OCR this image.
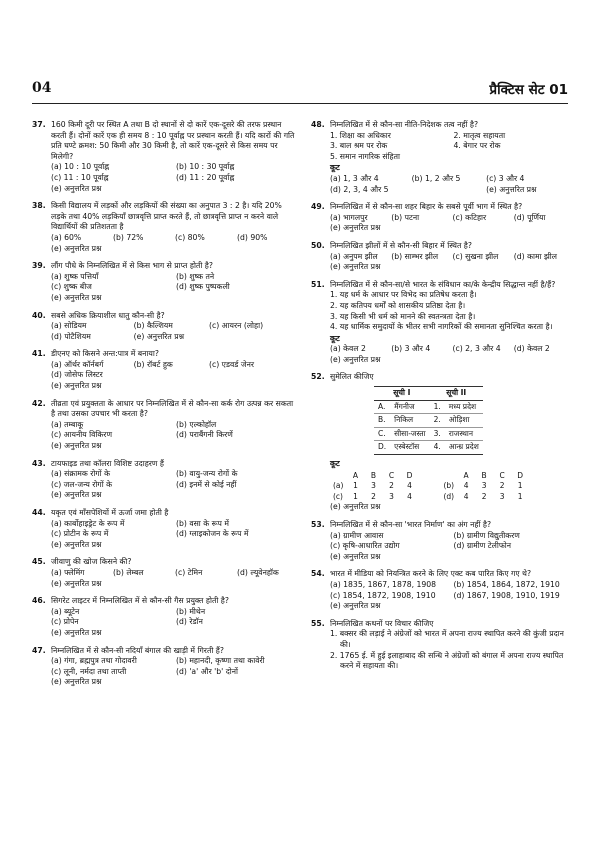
04	प्रैक्टिस सेट 01
37. 160 किमी दूरी पर स्थित A तथा B दो स्थानों से दो कारें एक-दूसरे की तरफ प्रस्थान करती हैं। दोनों कारें एक ही समय 8 : 10 पूर्वाह्न पर प्रस्थान करती हैं। यदि कारों की गति प्रति घण्टे क्रमश: 50 किमी और 30 किमी है, तो कारें एक-दूसरे से किस समय पर मिलेगी?
(a) 10 : 10 पूर्वाह्न	(b) 10 : 30 पूर्वाह्न
(c) 11 : 10 पूर्वाह्न	(d) 11 : 20 पूर्वाह्न
(e) अनुत्तरित प्रश्न
38. किसी विद्यालय में लड़कों और लड़कियों की संख्या का अनुपात 3 : 2 है। यदि 20% लड़के तथा 40% लड़कियाँ छात्रवृत्ति प्राप्त करते हैं, तो छात्रवृत्ति प्राप्त न करने वाले विद्यार्थियों की प्रतिशतता है
(a) 60%	(b) 72%	(c) 80%	(d) 90%
(e) अनुत्तरित प्रश्न
39. लौंग पौधे के निम्नलिखित में से किस भाग से प्राप्त होती है?
(a) शुष्क पत्तियाँ	(b) शुष्क तने
(c) शुष्क बीज	(d) शुष्क पुष्पकली
(e) अनुत्तरित प्रश्न
40. सबसे अधिक क्रियाशील धातु कौन-सी है?
(a) सोडियम	(b) कैल्शियम	(c) आयरन (लोहा)
(d) पोटैशियम	(e) अनुत्तरित प्रश्न
41. डीएनए को किसने अन्त:पात्र में बनाया?
(a) ऑर्थर कॉर्नबर्ग	(b) रॉबर्ट हुक	(c) एडवर्ड जेनर
(d) जोसेफ लिस्टर
(e) अनुत्तरित प्रश्न
42. तीव्रता एवं प्रयुक्तता के आधार पर निम्नलिखित में से कौन-सा कर्क रोग उत्पन्न कर सकता है तथा उसका उपचार भी करता है?
(a) तम्बाकू	(b) एल्कोहॉल
(c) आयनीय विकिरण	(d) पराबैंगनी किरणें
(e) अनुत्तरित प्रश्न
43. टायफाइड तथा कॉलरा विशिष्ट उदाहरण हैं
(a) संक्रामक रोगों के	(b) वायु-जन्य रोगों के
(c) जल-जन्य रोगों के	(d) इनमें से कोई नहीं
(e) अनुत्तरित प्रश्न
44. यकृत एवं माँसपेशियों में ऊर्जा जमा होती है
(a) कार्बोहाइड्रेट के रूप में	(b) वसा के रूप में
(c) प्रोटीन के रूप में	(d) ग्लाइकोजन के रूप में
(e) अनुत्तरित प्रश्न
45. जीवाणु की खोज किसने की?
(a) फ्लेमिंग	(b) लेम्बल	(c) टेमिन	(d) ल्यूवेनहॉक
(e) अनुत्तरित प्रश्न
46. सिगरेट लाइटर में निम्नलिखित में से कौन-सी गैस प्रयुक्त होती है?
(a) ब्यूटेन	(b) मीथेन
(c) प्रोपेन	(d) रेडॉन
(e) अनुत्तरित प्रश्न
47. निम्नलिखित में से कौन-सी नदियाँ बंगाल की खाड़ी में गिरती हैं?
(a) गंगा, ब्रह्मपुत्र तथा गोदावरी	(b) महानदी, कृष्णा तथा कावेरी
(c) लूनी, नर्मदा तथा ताप्ती	(d) 'a' और 'b' दोनों
(e) अनुत्तरित प्रश्न
48. निम्नलिखित में से कौन-सा नीति-निदेशक तत्व नहीं है?
1. शिक्षा का अधिकार	2. मातृत्व सहायता
3. बाल श्रम पर रोक	4. बेगार पर रोक
5. समान नागरिक संहिता
कूट
(a) 1, 3 और 4	(b) 1, 2 और 5	(c) 3 और 4
(d) 2, 3, 4 और 5	(e) अनुत्तरित प्रश्न
49. निम्नलिखित में से कौन-सा शहर बिहार के सबसे पूर्वी भाग में स्थित है?
(a) भागलपुर	(b) पटना	(c) कटिहार	(d) पूर्णिया
(e) अनुत्तरित प्रश्न
50. निम्नलिखित झीलों में से कौन-सी बिहार में स्थित है?
(a) अनुपम झील	(b) साम्भर झील	(c) सुखना झील	(d) कामा झील
(e) अनुत्तरित प्रश्न
51. निम्नलिखित में से कौन-सा/से भारत के संविधान का/के केन्द्रीय सिद्धान्त नहीं है/हैं?
1. यह धर्म के आधार पर विभेद का प्रतिषेध करता है।
2. यह कतिपय धर्मों को शासकीय प्रतिष्ठा देता है।
3. यह किसी भी धर्म को मानने की स्वतन्त्रता देता है।
4. यह धार्मिक समुदायों के भीतर सभी नागरिकों की समानता सुनिश्चित करता है।
कूट
(a) केवल 2	(b) 3 और 4	(c) 2, 3 और 4	(d) केवल 2
(e) अनुत्तरित प्रश्न
52. सुमेलित कीजिए
सूची I		सूची II	
A.	मैंगनीज	1.	मध्य प्रदेश
B.	निकिल	2.	ओड़िशा
C.	सीसा-जस्ता	3.	राजस्थान
D.	एस्बेस्टॉस	4.	आन्ध्र प्रदेश
कूट
	A	B	C	D			A	B	C	D
(a)	1	3	2	4		(b)	4	3	2	1
(c)	1	2	3	4		(d)	4	2	3	1
(e) अनुत्तरित प्रश्न
53. निम्नलिखित में से कौन-सा 'भारत निर्माण' का अंग नहीं है?
(a) ग्रामीण आवास	(b) ग्रामीण विद्युतीकरण
(c) कृषि-आधारित उद्योग	(d) ग्रामीण टेलीफोन
(e) अनुत्तरित प्रश्न
54. भारत में मीडिया को नियन्त्रित करने के लिए एक्ट कब पारित किए गए थे?
(a) 1835, 1867, 1878, 1908	(b) 1854, 1864, 1872, 1910
(c) 1854, 1872, 1908, 1910	(d) 1867, 1908, 1910, 1919
(e) अनुत्तरित प्रश्न
55. निम्नलिखित कथनों पर विचार कीजिए
1. बक्सर की लड़ाई ने अंग्रेजों को भारत में अपना राज्य स्थापित करने की कुंजी प्रदान की।
2. 1765 ई. में हुई इलाहाबाद की सन्धि ने अंग्रेजों को बंगाल में अपना राज्य स्थापित करने में सहायता की।
